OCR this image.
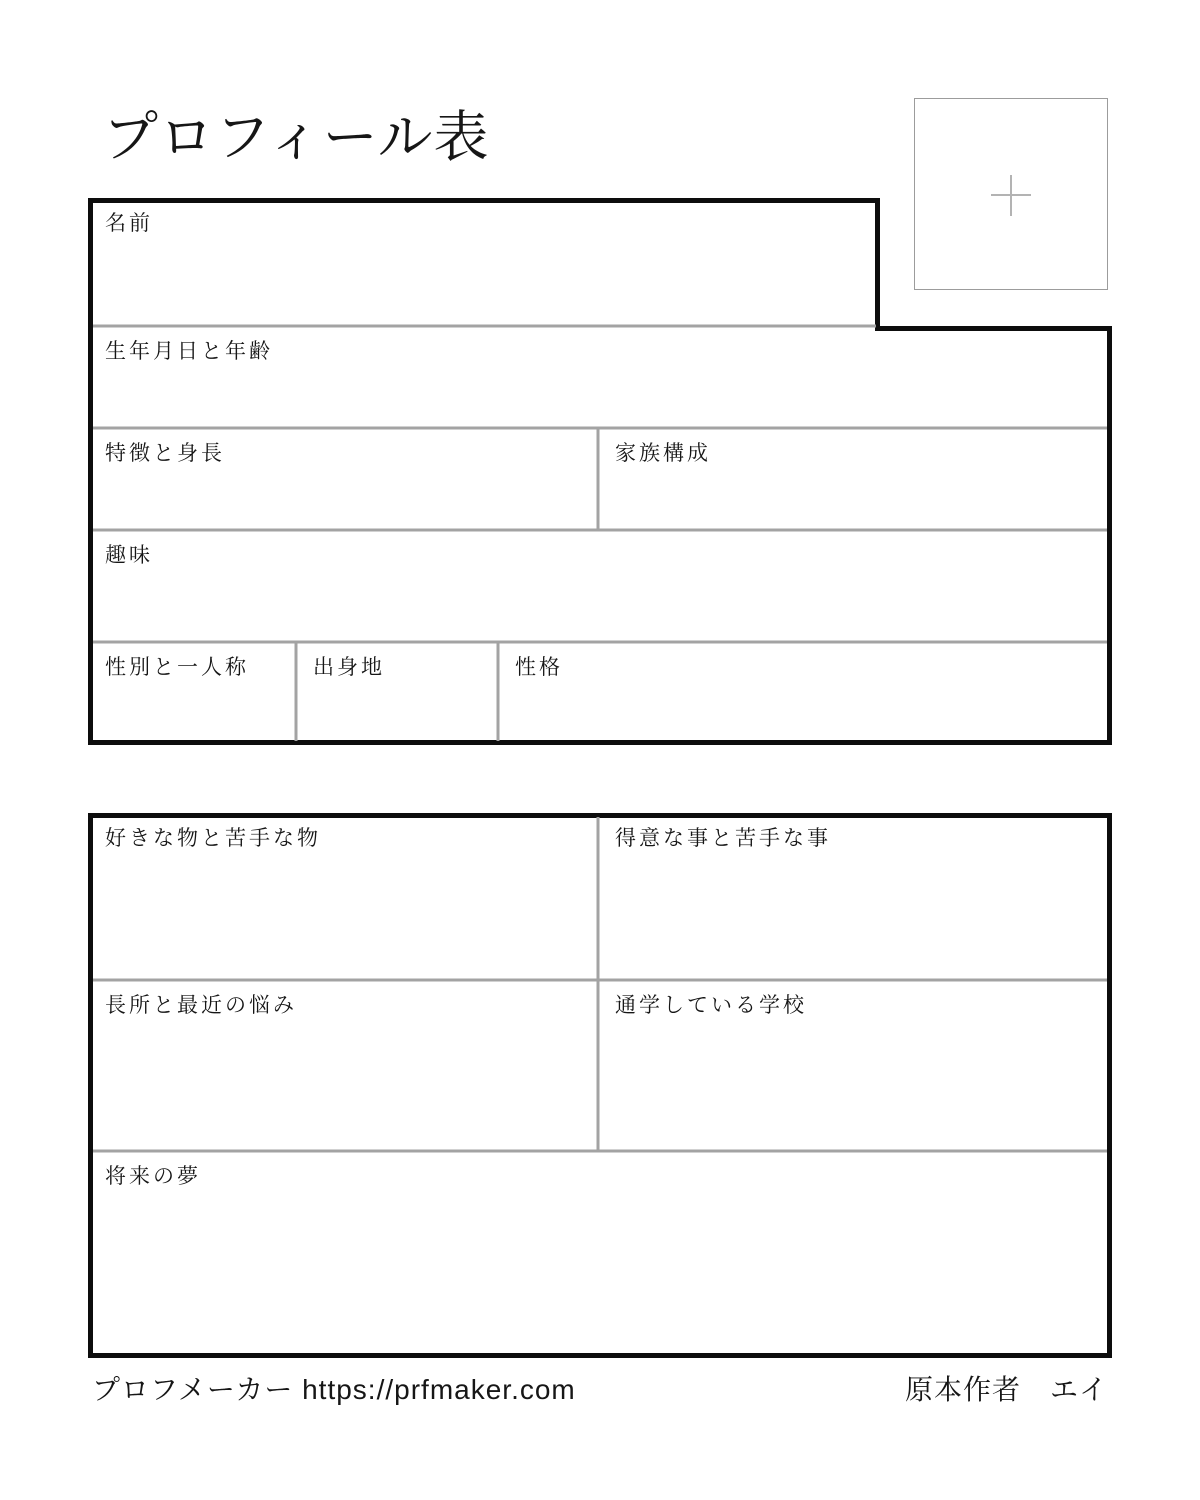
プロフィール表
名前
生年月日と年齢
特徴と身長	家族構成
趣味
性別と一人称	出身地	性格
好きな物と苦手な物	得意な事と苦手な事
長所と最近の悩み	通学している学校
将来の夢
プロフメーカー https://prfmaker.com	原本作者　エイ
